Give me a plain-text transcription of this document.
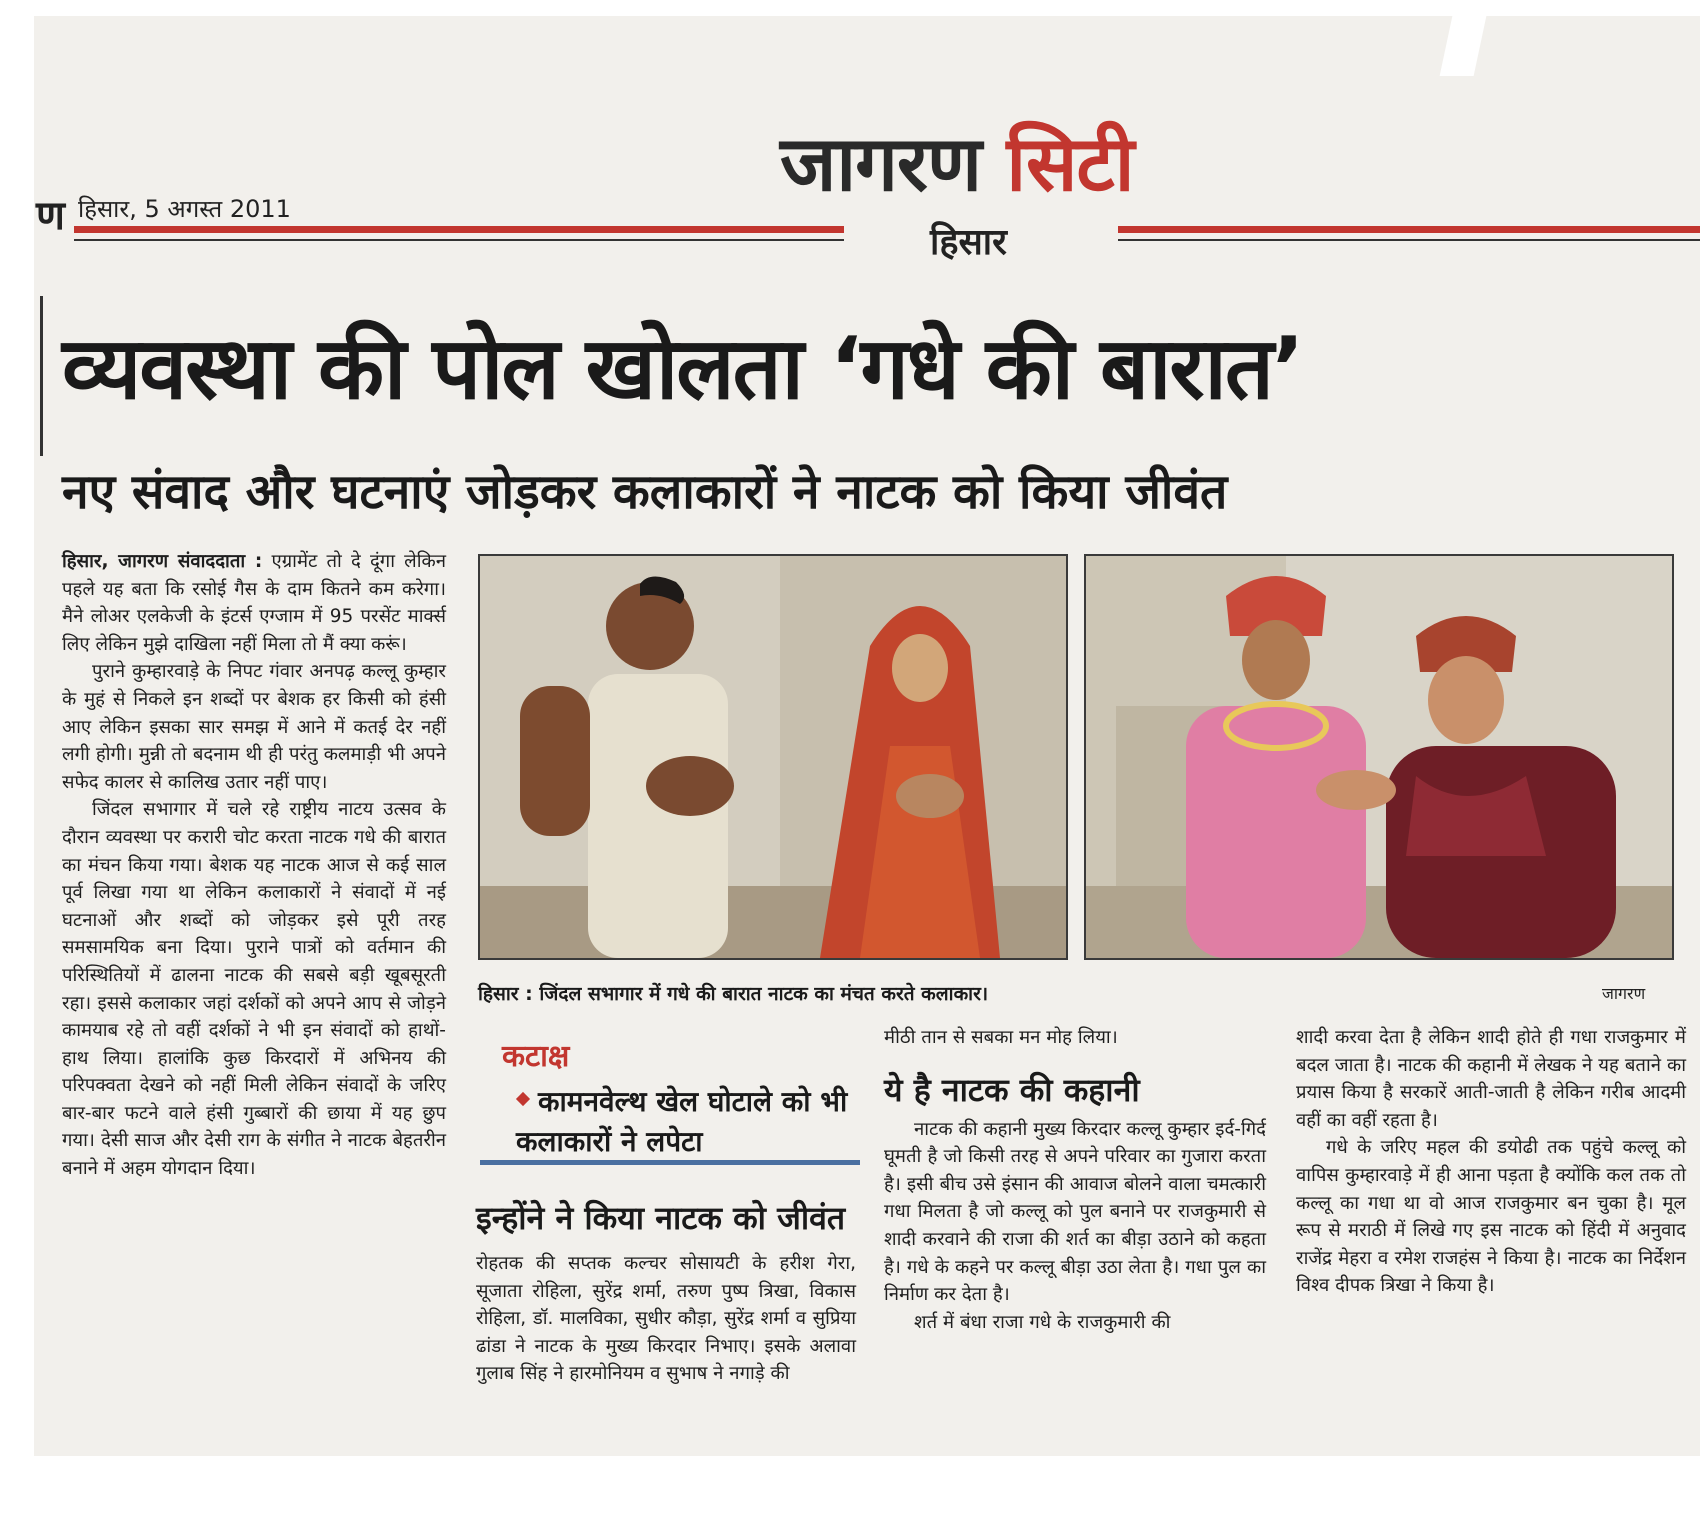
ण हिसार, 5 अगस्त 2011
जागरण सिटी
हिसार
व्यवस्था की पोल खोलता ‘गधे की बारात’
नए संवाद और घटनाएं जोड़कर कलाकारों ने नाटक को किया जीवंत

हिसार, जागरण संवाददाता : एग्रामेंट तो दे दूंगा लेकिन पहले यह बता कि रसोई गैस के दाम कितने कम करेगा। मैने लोअर एलकेजी के इंटर्स एग्जाम में 95 परसेंट मार्क्स लिए लेकिन मुझे दाखिला नहीं मिला तो मैं क्या करूं।

पुराने कुम्हारवाड़े के निपट गंवार अनपढ़ कल्लू कुम्हार के मुहं से निकले इन शब्दों पर बेशक हर किसी को हंसी आए लेकिन इसका सार समझ में आने में कतई देर नहीं लगी होगी। मुन्नी तो बदनाम थी ही परंतु कलमाड़ी भी अपने सफेद कालर से कालिख उतार नहीं पाए।

जिंदल सभागार में चले रहे राष्ट्रीय नाटय उत्सव के दौरान व्यवस्था पर करारी चोट करता नाटक गधे की बारात का मंचन किया गया। बेशक यह नाटक आज से कई साल पूर्व लिखा गया था लेकिन कलाकारों ने संवादों में नई घटनाओं और शब्दों को जोड़कर इसे पूरी तरह समसामयिक बना दिया। पुराने पात्रों को वर्तमान की परिस्थितियों में ढालना नाटक की सबसे बड़ी खूबसूरती रहा। इससे कलाकार जहां दर्शकों को अपने आप से जोड़ने कामयाब रहे तो वहीं दर्शकों ने भी इन संवादों को हाथों-हाथ लिया। हालांकि कुछ किरदारों में अभिनय की परिपक्वता देखने को नहीं मिली लेकिन संवादों के जरिए बार-बार फटने वाले हंसी गुब्बारों की छाया में यह छुप गया। देसी साज और देसी राग के संगीत ने नाटक बेहतरीन बनाने में अहम योगदान दिया।

हिसार : जिंदल सभागार में गधे की बारात नाटक का मंचत करते कलाकार।	जागरण
कटाक्ष
कामनवेल्थ खेल घोटाले को भी कलाकारों ने लपेटा
इन्होंने ने किया नाटक को जीवंत

रोहतक की सप्तक कल्चर सोसायटी के हरीश गेरा, सूजाता रोहिला, सुरेंद्र शर्मा, तरुण पुष्प त्रिखा, विकास रोहिला, डॉ. मालविका, सुधीर कौड़ा, सुरेंद्र शर्मा व सुप्रिया ढांडा ने नाटक के मुख्य किरदार निभाए। इसके अलावा गुलाब सिंह ने हारमोनियम व सुभाष ने नगाड़े की

मीठी तान से सबका मन मोह लिया।

ये है नाटक की कहानी

नाटक की कहानी मुख्य किरदार कल्लू कुम्हार इर्द-गिर्द घूमती है जो किसी तरह से अपने परिवार का गुजारा करता है। इसी बीच उसे इंसान की आवाज बोलने वाला चमत्कारी गधा मिलता है जो कल्लू को पुल बनाने पर राजकुमारी से शादी करवाने की राजा की शर्त का बीड़ा उठाने को कहता है। गधे के कहने पर कल्लू बीड़ा उठा लेता है। गधा पुल का निर्माण कर देता है।

शर्त में बंधा राजा गधे के राजकुमारी की

शादी करवा देता है लेकिन शादी होते ही गधा राजकुमार में बदल जाता है। नाटक की कहानी में लेखक ने यह बताने का प्रयास किया है सरकारें आती-जाती है लेकिन गरीब आदमी वहीं का वहीं रहता है।

गधे के जरिए महल की डयोढी तक पहुंचे कल्लू को वापिस कुम्हारवाड़े में ही आना पड़ता है क्योंकि कल तक तो कल्लू का गधा था वो आज राजकुमार बन चुका है। मूल रूप से मराठी में लिखे गए इस नाटक को हिंदी में अनुवाद राजेंद्र मेहरा व रमेश राजहंस ने किया है। नाटक का निर्देशन विश्व दीपक त्रिखा ने किया है।
